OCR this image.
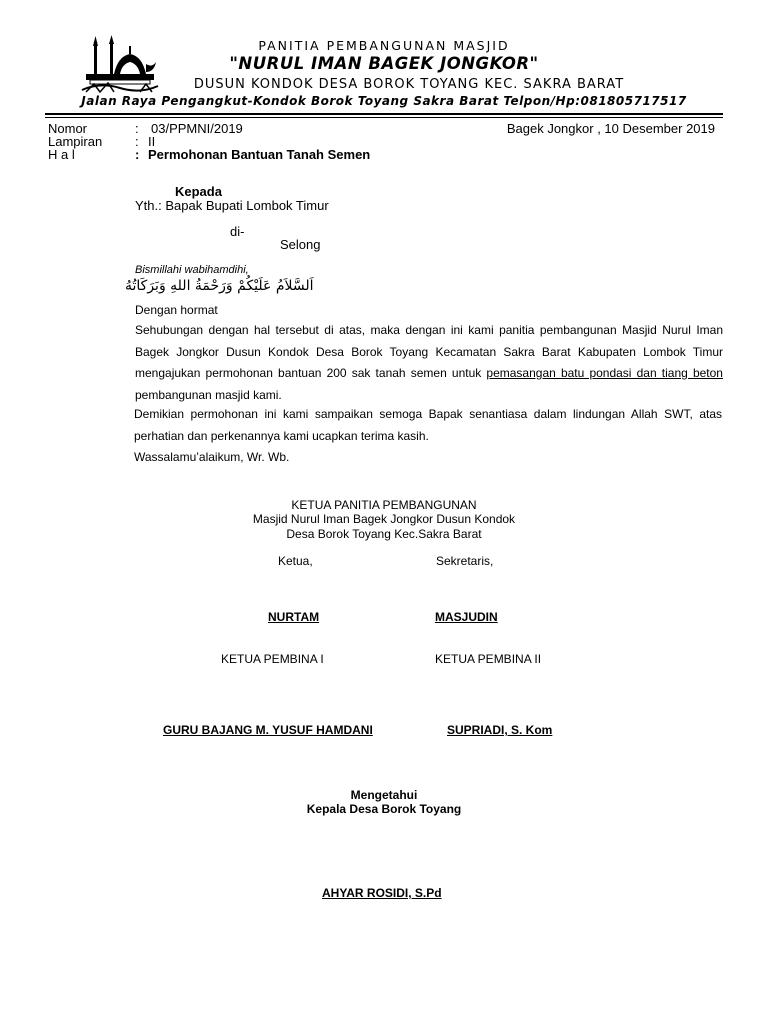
PANITIA PEMBANGUNAN MASJID
"NURUL IMAN BAGEK JONGKOR"
DUSUN KONDOK DESA BOROK TOYANG KEC. SAKRA BARAT
Jalan Raya Pengangkut-Kondok Borok Toyang Sakra Barat Telpon/Hp:081805717517
Nomor	: 03/PPMNI/2019	Bagek Jongkor , 10 Desember 2019
Lampiran	: II
H a l	: Permohonan Bantuan Tanah Semen
Kepada
Yth.: Bapak Bupati Lombok Timur
di-
Selong
Bismillahi wabihamdihi,
اَلسَّلاَمُ عَلَيْكُمْ وَرَحْمَةُ اللهِ وَبَرَكَاتُهُ
Dengan hormat
Sehubungan dengan hal tersebut di atas, maka dengan ini kami panitia pembangunan Masjid Nurul Iman Bagek Jongkor Dusun Kondok Desa Borok Toyang Kecamatan Sakra Barat Kabupaten Lombok Timur mengajukan permohonan bantuan 200 sak tanah semen untuk pemasangan batu pondasi dan tiang beton pembangunan masjid kami.
Demikian permohonan ini kami sampaikan semoga Bapak senantiasa dalam lindungan Allah SWT, atas perhatian dan perkenannya kami ucapkan terima kasih.
Wassalamu’alaikum, Wr. Wb.
KETUA PANITIA PEMBANGUNAN
Masjid Nurul Iman Bagek Jongkor Dusun Kondok
Desa Borok Toyang Kec.Sakra Barat
Ketua,	Sekretaris,
NURTAM	MASJUDIN
KETUA PEMBINA I	KETUA PEMBINA II
GURU BAJANG M. YUSUF HAMDANI	SUPRIADI, S. Kom
Mengetahui
Kepala Desa Borok Toyang
AHYAR ROSIDI, S.Pd
